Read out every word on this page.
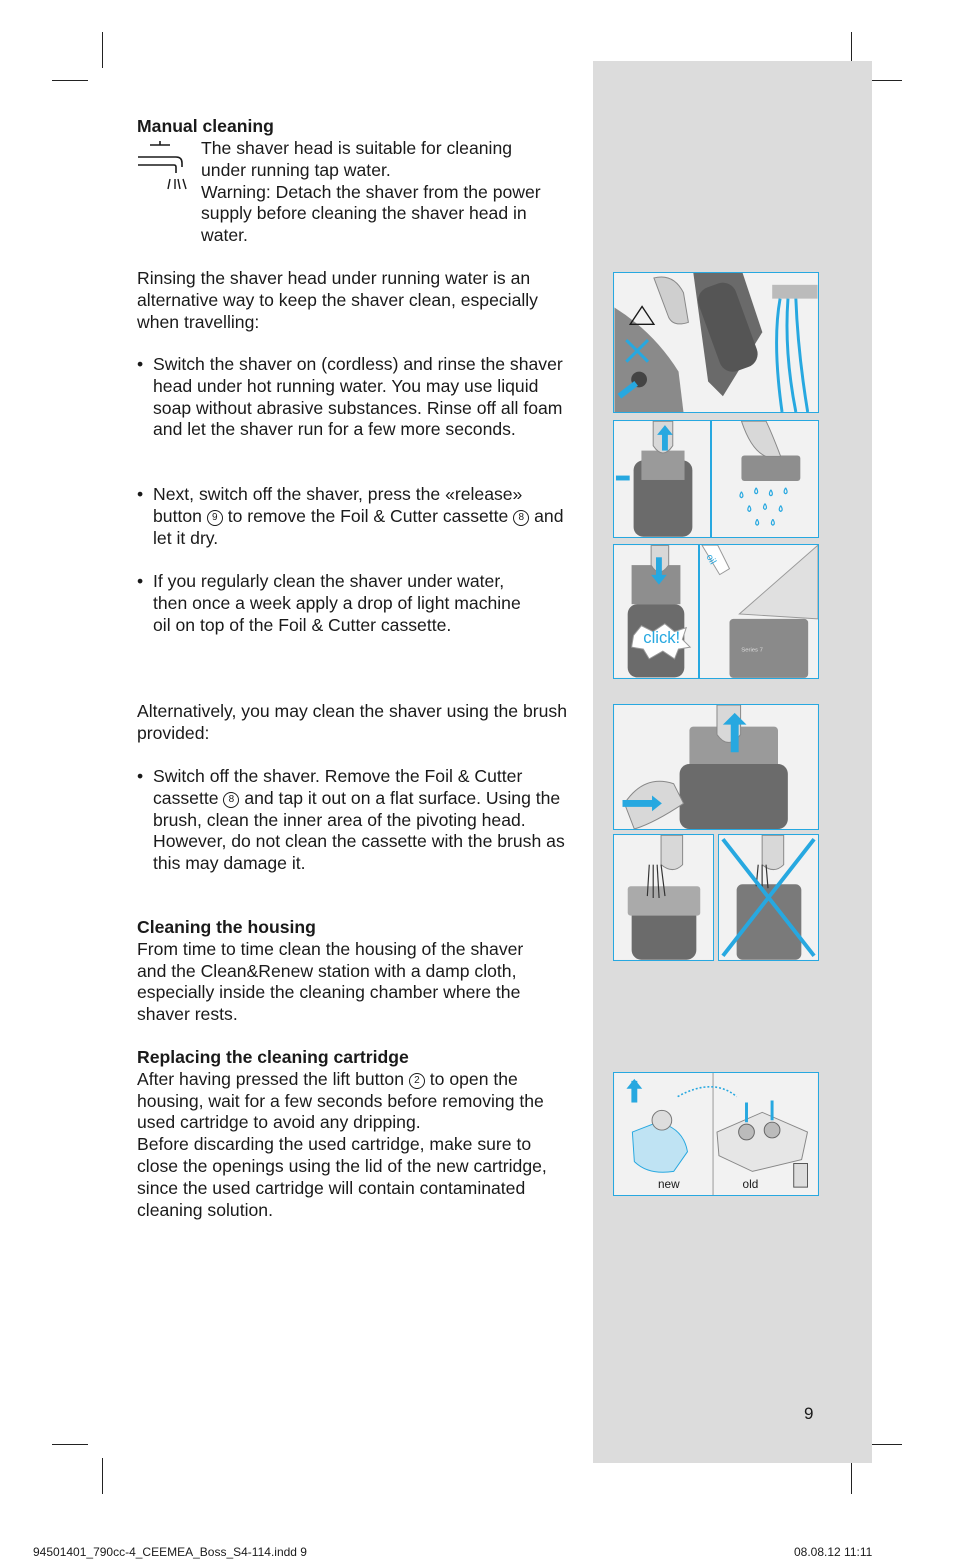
Manual cleaning

The shaver head is suitable for cleaning under running tap water.

Warning: Detach the shaver from the power supply before cleaning the shaver head in water.

Rinsing the shaver head under running water is an alternative way to keep the shaver clean, especially when travelling:

• Switch the shaver on (cordless) and rinse the shaver head under hot running water. You may use liquid soap without abrasive substances. Rinse off all foam and let the shaver run for a few more seconds.

• Next, switch off the shaver, press the «release» button 9 to remove the Foil & Cutter cassette 8 and let it dry.

• If you regularly clean the shaver under water, then once a week apply a drop of light machine oil on top of the Foil & Cutter cassette.

Alternatively, you may clean the shaver using the brush provided:

• Switch off the shaver. Remove the Foil & Cutter cassette 8 and tap it out on a flat surface. Using the brush, clean the inner area of the pivoting head. However, do not clean the cassette with the brush as this may damage it.

Cleaning the housing

From time to time clean the housing of the shaver and the Clean&Renew station with a damp cloth, especially inside the cleaning chamber where the shaver rests.

Replacing the cleaning cartridge

After having pressed the lift button 2 to open the housing, wait for a few seconds before removing the used cartridge to avoid any dripping.

Before discarding the used cartridge, make sure to close the openings using the lid of the new cartridge, since the used cartridge will contain contaminated cleaning solution.

click!
oil
Series 7
new	old
9
94501401_790cc-4_CEEMEA_Boss_S4-114.indd 9	08.08.12 11:11
